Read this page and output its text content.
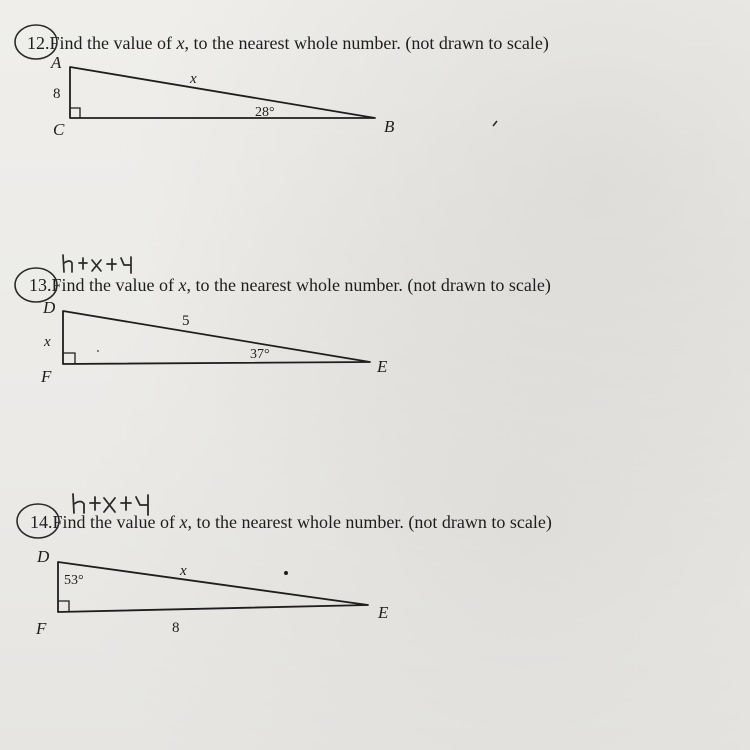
12.Find the value of x, to the nearest whole number. (not drawn to scale)
13.Find the value of x, to the nearest whole number. (not drawn to scale)
14.Find the value of x, to the nearest whole number. (not drawn to scale)
A
C	B
8
x
28°
D
F
E
x
5
37°
D
F
E
53°
x
8
